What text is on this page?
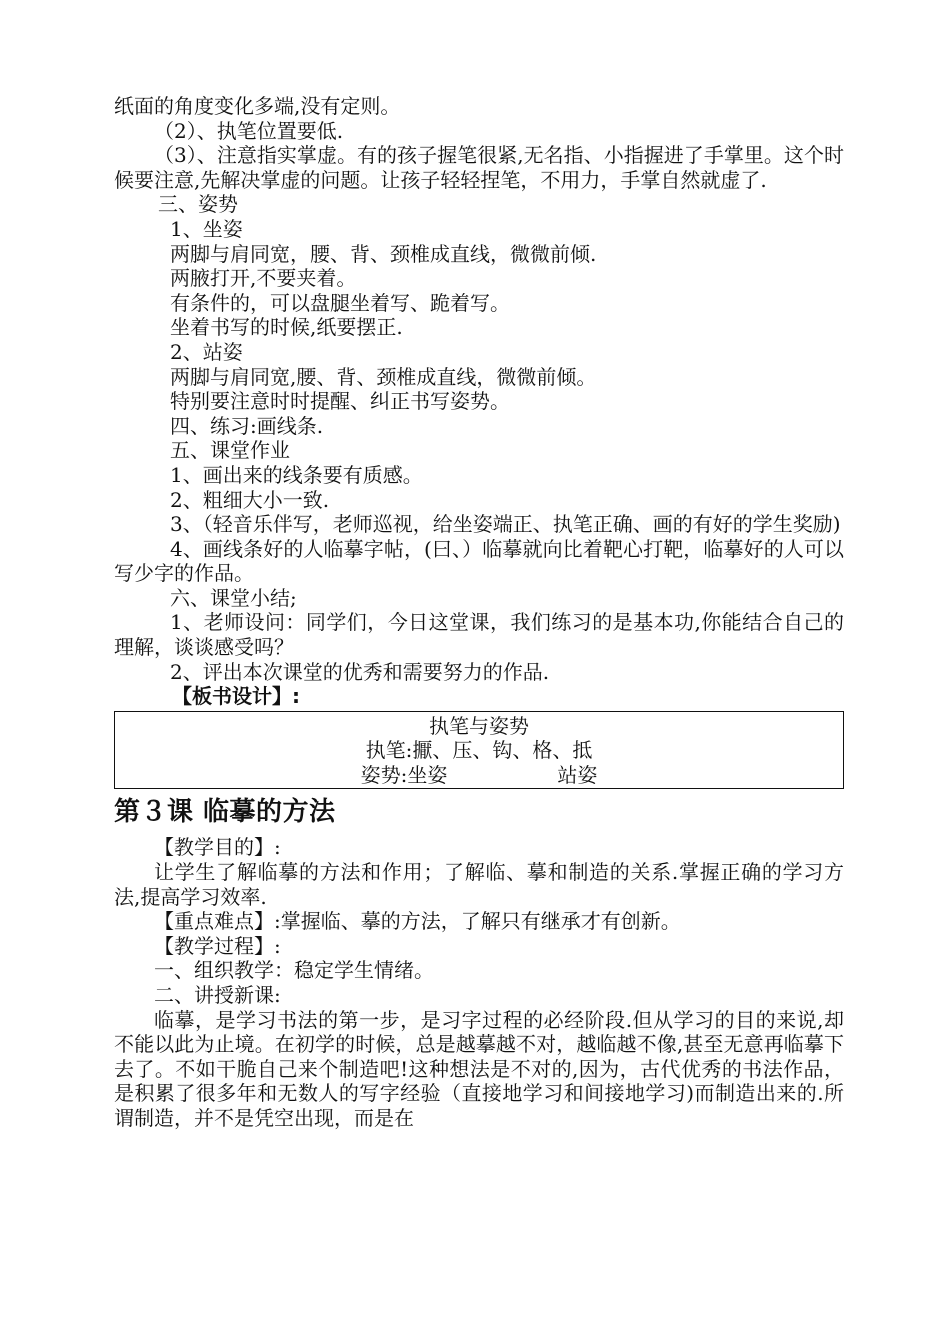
纸面的角度变化多端,没有定则。

（2）、执笔位置要低.

（3）、注意指实掌虚。有的孩子握笔很紧,无名指、小指握进了手掌里。这个时候要注意,先解决掌虚的问题。让孩子轻轻捏笔，不用力，手掌自然就虚了.

三、姿势

1、坐姿

两脚与肩同宽，腰、背、颈椎成直线，微微前倾.

两腋打开,不要夹着。

有条件的，可以盘腿坐着写、跪着写。

坐着书写的时候,纸要摆正.

2、站姿

两脚与肩同宽,腰、背、颈椎成直线，微微前倾。

特别要注意时时提醒、纠正书写姿势。

四、练习:画线条.

五、课堂作业

1、画出来的线条要有质感。

2、粗细大小一致.

3、（轻音乐伴写，老师巡视，给坐姿端正、执笔正确、画的有好的学生奖励)

4、画线条好的人临摹字帖，(曰、）临摹就向比着靶心打靶，临摹好的人可以写少字的作品。

六、课堂小结;

1、老师设问：同学们，今日这堂课，我们练习的是基本功,你能结合自己的理解，谈谈感受吗？

2、评出本次课堂的优秀和需要努力的作品.

【板书设计】:
执笔与姿势
执笔:擫、压、钩、格、抵
姿势:坐姿	站姿
第３课 临摹的方法

【教学目的】:

让学生了解临摹的方法和作用；了解临、摹和制造的关系.掌握正确的学习方法,提高学习效率.

【重点难点】:掌握临、摹的方法，了解只有继承才有创新。

【教学过程】:

一、组织教学：稳定学生情绪。

二、讲授新课:

临摹，是学习书法的第一步，是习字过程的必经阶段.但从学习的目的来说,却不能以此为止境。在初学的时候，总是越摹越不对，越临越不像,甚至无意再临摹下去了。不如干脆自己来个制造吧!这种想法是不对的,因为，古代优秀的书法作品，是积累了很多年和无数人的写字经验（直接地学习和间接地学习)而制造出来的.所谓制造，并不是凭空出现，而是在
